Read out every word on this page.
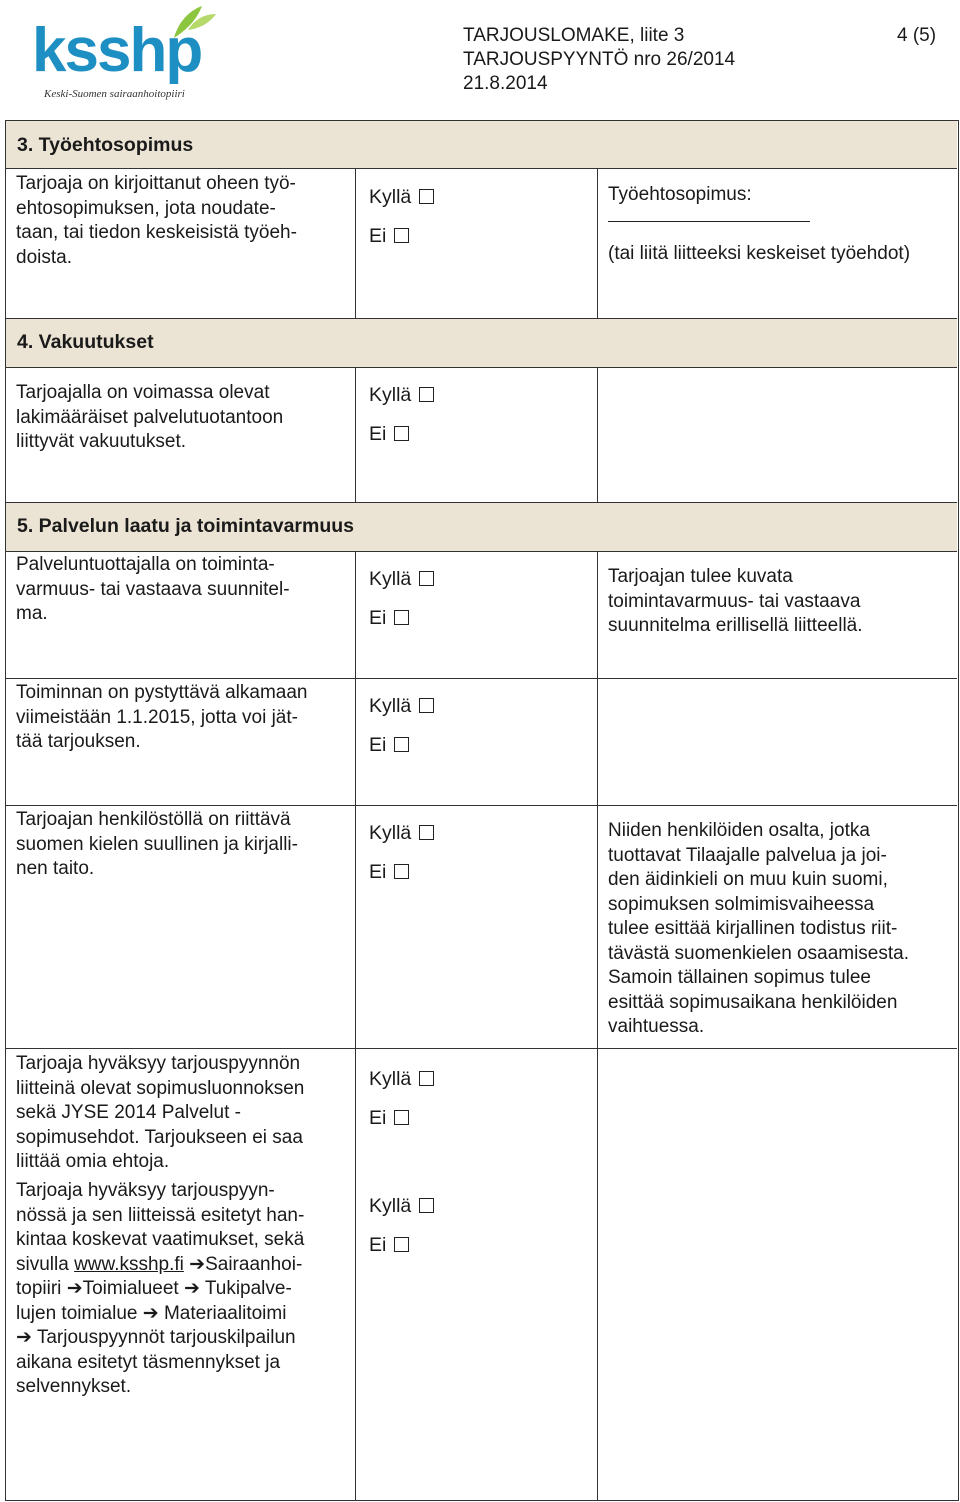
ksshp
Keski-Suomen sairaanhoitopiiri
TARJOUSLOMAKE, liite 3
TARJOUSPYYNTÖ nro 26/2014
21.8.2014
4 (5)
3. Työehtosopimus
Tarjoaja on kirjoittanut oheen työ-
ehtosopimuksen, jota noudate-
taan, tai tiedon keskeisistä työeh-
doista.
Kyllä
Ei
Työehtosopimus:
(tai liitä liitteeksi keskeiset työehdot)
4. Vakuutukset
Tarjoajalla on voimassa olevat
lakimääräiset palvelutuotantoon
liittyvät vakuutukset.
Kyllä
Ei
5. Palvelun laatu ja toimintavarmuus
Palveluntuottajalla on toiminta-
varmuus- tai vastaava suunnitel-
ma.
Kyllä
Ei
Tarjoajan tulee kuvata
toimintavarmuus- tai vastaava
suunnitelma erillisellä liitteellä.
Toiminnan on pystyttävä alkamaan
viimeistään 1.1.2015, jotta voi jät-
tää tarjouksen.
Kyllä
Ei
Tarjoajan henkilöstöllä on riittävä
suomen kielen suullinen ja kirjalli-
nen taito.
Kyllä
Ei
Niiden henkilöiden osalta, jotka
tuottavat Tilaajalle palvelua ja joi-
den äidinkieli on muu kuin suomi,
sopimuksen solmimisvaiheessa
tulee esittää kirjallinen todistus riit-
tävästä suomenkielen osaamisesta.
Samoin tällainen sopimus tulee
esittää sopimusaikana henkilöiden
vaihtuessa.
Tarjoaja hyväksyy tarjouspyynnön
liitteinä olevat sopimusluonnoksen
sekä JYSE 2014 Palvelut -
sopimusehdot. Tarjoukseen ei saa
liittää omia ehtoja.
Kyllä
Ei
Tarjoaja hyväksyy tarjouspyyn-
nössä ja sen liitteissä esitetyt han-
kintaa koskevat vaatimukset, sekä
sivulla www.ksshp.fi ➔Sairaanhoi-
topiiri ➔Toimialueet ➔ Tukipalve-
lujen toimialue ➔ Materiaalitoimi
➔ Tarjouspyynnöt tarjouskilpailun
aikana esitetyt täsmennykset ja
selvennykset.
Kyllä
Ei
